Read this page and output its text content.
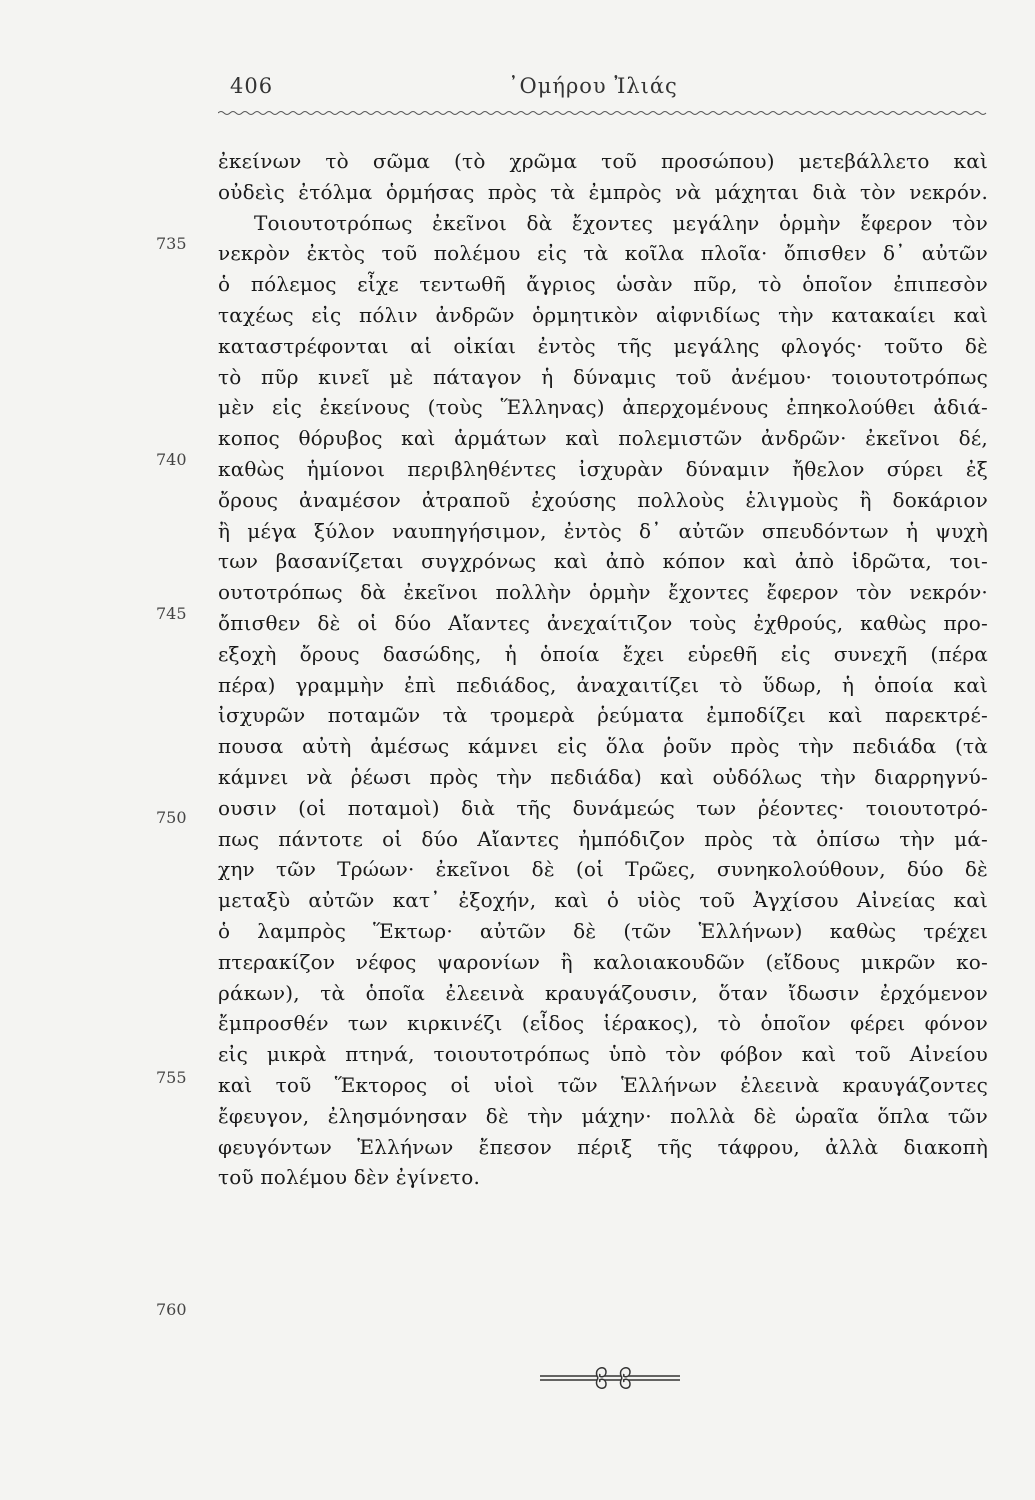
406	᾿Ομήρου Ἰλιάς
735
740
745
750
755
760
ἐκείνων τὸ σῶμα (τὸ χρῶμα τοῦ προσώπου) μετεβάλλετο καὶ
οὐδεὶς ἐτόλμα ὁρμήσας πρὸς τὰ ἐμπρὸς νὰ μάχηται διὰ τὸν νεκρόν.
Τοιουτοτρόπως ἐκεῖνοι δὰ ἔχοντες μεγάλην ὁρμὴν ἔφερον τὸν
νεκρὸν ἐκτὸς τοῦ πολέμου εἰς τὰ κοῖλα πλοῖα· ὄπισθεν δ᾿ αὐτῶν
ὁ πόλεμος εἶχε τεντωθῆ ἄγριος ὡσὰν πῦρ, τὸ ὁποῖον ἐπιπεσὸν
ταχέως εἰς πόλιν ἀνδρῶν ὁρμητικὸν αἰφνιδίως τὴν κατακαίει καὶ
καταστρέφονται αἱ οἰκίαι ἐντὸς τῆς μεγάλης φλογός· τοῦτο δὲ
τὸ πῦρ κινεῖ μὲ πάταγον ἡ δύναμις τοῦ ἀνέμου· τοιουτοτρόπως
μὲν εἰς ἐκείνους (τοὺς Ἕλληνας) ἀπερχομένους ἐπηκολούθει ἀδιά-
κοπος θόρυβος καὶ ἁρμάτων καὶ πολεμιστῶν ἀνδρῶν· ἐκεῖνοι δέ,
καθὼς ἡμίονοι περιβληθέντες ἰσχυρὰν δύναμιν ἤθελον σύρει ἐξ
ὄρους ἀναμέσον ἀτραποῦ ἐχούσης πολλοὺς ἑλιγμοὺς ἢ δοκάριον
ἢ μέγα ξύλον ναυπηγήσιμον, ἐντὸς δ᾿ αὐτῶν σπευδόντων ἡ ψυχὴ
των βασανίζεται συγχρόνως καὶ ἀπὸ κόπον καὶ ἀπὸ ἱδρῶτα, τοι-
ουτοτρόπως δὰ ἐκεῖνοι πολλὴν ὁρμὴν ἔχοντες ἔφερον τὸν νεκρόν·
ὄπισθεν δὲ οἱ δύο Αἴαντες ἀνεχαίτιζον τοὺς ἐχθρούς, καθὼς προ-
εξοχὴ ὄρους δασώδης, ἡ ὁποία ἔχει εὑρεθῆ εἰς συνεχῆ (πέρα
πέρα) γραμμὴν ἐπὶ πεδιάδος, ἀναχαιτίζει τὸ ὕδωρ, ἡ ὁποία καὶ
ἰσχυρῶν ποταμῶν τὰ τρομερὰ ῥεύματα ἐμποδίζει καὶ παρεκτρέ-
πουσα αὐτὴ ἀμέσως κάμνει εἰς ὅλα ῥοῦν πρὸς τὴν πεδιάδα (τὰ
κάμνει νὰ ῥέωσι πρὸς τὴν πεδιάδα) καὶ οὐδόλως τὴν διαρρηγνύ-
ουσιν (οἱ ποταμοὶ) διὰ τῆς δυνάμεώς των ῥέοντες· τοιουτοτρό-
πως πάντοτε οἱ δύο Αἴαντες ἠμπόδιζον πρὸς τὰ ὀπίσω τὴν μά-
χην τῶν Τρώων· ἐκεῖνοι δὲ (οἱ Τρῶες, συνηκολούθουν, δύο δὲ
μεταξὺ αὐτῶν κατ᾿ ἐξοχήν, καὶ ὁ υἱὸς τοῦ Ἀγχίσου Αἰνείας καὶ
ὁ λαμπρὸς Ἕκτωρ· αὐτῶν δὲ (τῶν Ἑλλήνων) καθὼς τρέχει
πτερακίζον νέφος ψαρονίων ἢ καλοιακουδῶν (εἴδους μικρῶν κο-
ράκων), τὰ ὁποῖα ἐλεεινὰ κραυγάζουσιν, ὅταν ἴδωσιν ἐρχόμενον
ἔμπροσθέν των κιρκινέζι (εἶδος ἱέρακος), τὸ ὁποῖον φέρει φόνον
εἰς μικρὰ πτηνά, τοιουτοτρόπως ὑπὸ τὸν φόβον καὶ τοῦ Αἰνείου
καὶ τοῦ Ἕκτορος οἱ υἱοὶ τῶν Ἑλλήνων ἐλεεινὰ κραυγάζοντες
ἔφευγον, ἐλησμόνησαν δὲ τὴν μάχην· πολλὰ δὲ ὡραῖα ὅπλα τῶν
φευγόντων Ἑλλήνων ἔπεσον πέριξ τῆς τάφρου, ἀλλὰ διακοπὴ
τοῦ πολέμου δὲν ἐγίνετο.
